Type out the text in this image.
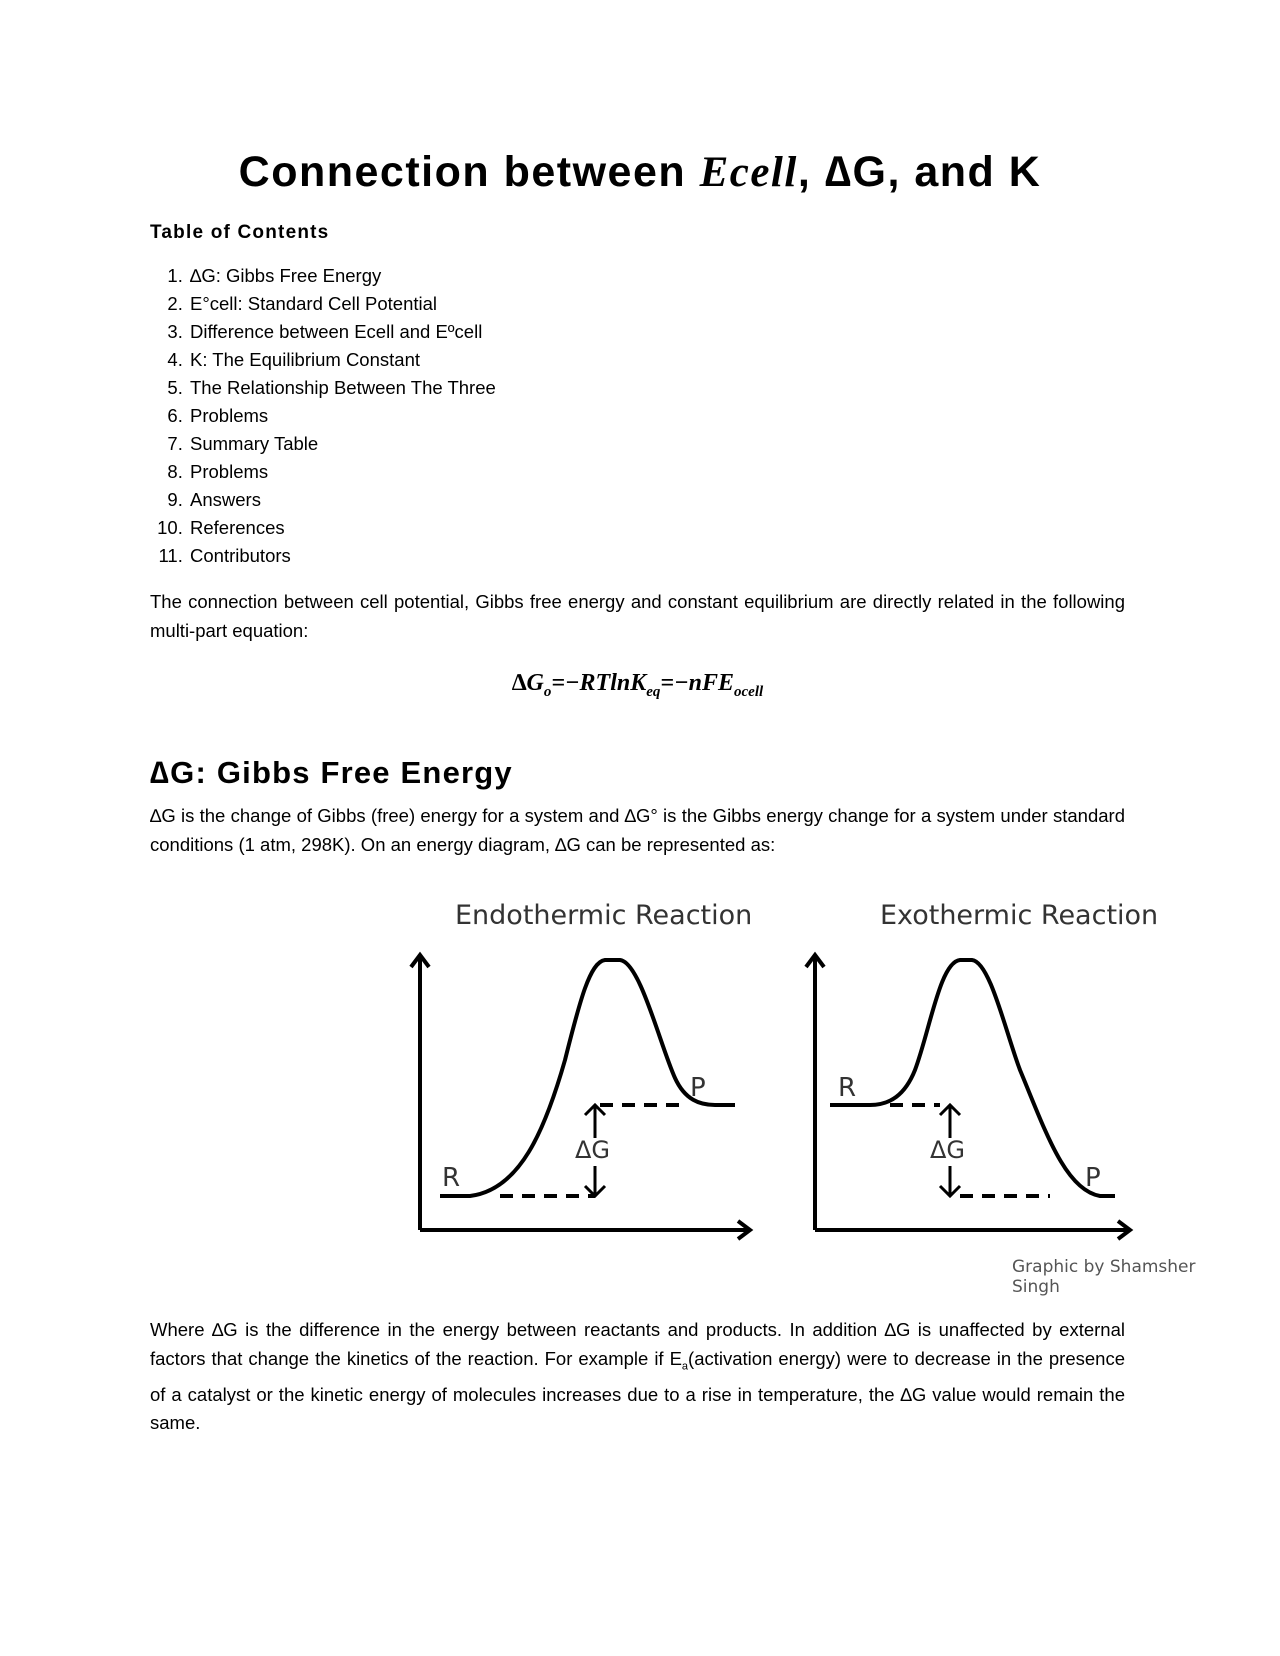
Connection between Ecell, ∆G, and K
Table of Contents
1. ∆G: Gibbs Free Energy
2. E°cell: Standard Cell Potential
3. Difference between Ecell and Eºcell
4. K: The Equilibrium Constant
5. The Relationship Between The Three
6. Problems
7. Summary Table
8. Problems
9. Answers
10. References
11. Contributors

The connection between cell potential, Gibbs free energy and constant equilibrium are directly related in the following multi-part equation:

$\Delta G_o=-RTlnK_{eq}=-nFE_{ocell}$
∆G: Gibbs Free Energy

∆G is the change of Gibbs (free) energy for a system and ∆G° is the Gibbs energy change for a system under standard conditions (1 atm, 298K). On an energy diagram, ∆G can be represented as:

Endothermic Reaction	Exothermic Reaction
R
P
ΔG
R
P
ΔG
Graphic by Shamsher Singh

Where ∆G is the difference in the energy between reactants and products. In addition ∆G is unaffected by external factors that change the kinetics of the reaction. For example if $E_a(activation$ energy) were to decrease in the presence of a catalyst or the kinetic energy of molecules increases due to a rise in temperature, the ∆G value would remain the same.
